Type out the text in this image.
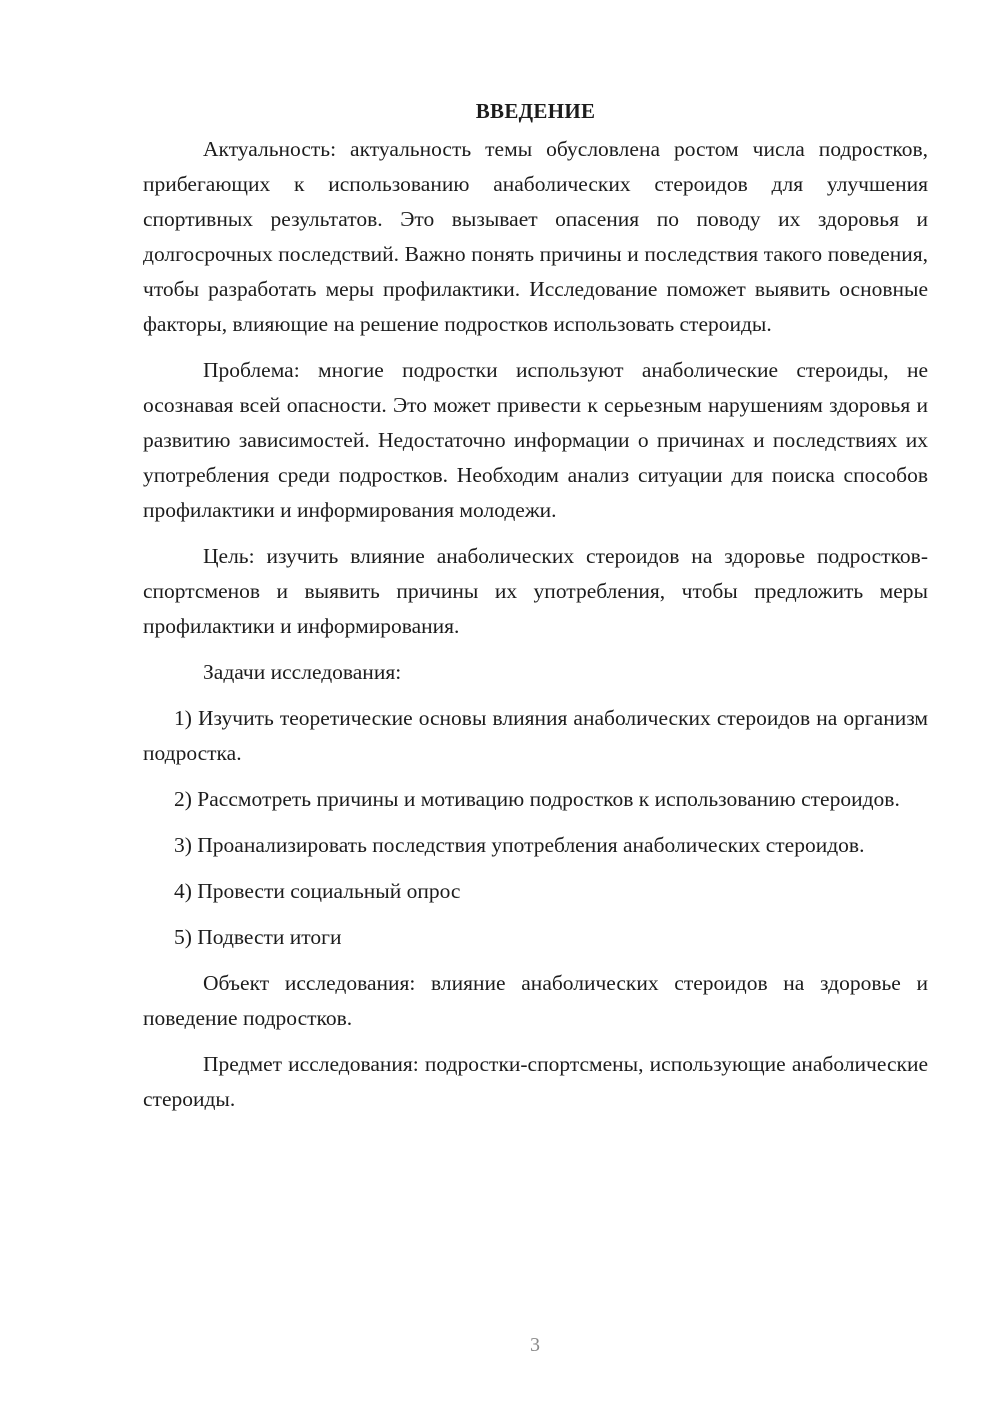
ВВЕДЕНИЕ

Актуальность: актуальность темы обусловлена ростом числа подростков, прибегающих к использованию анаболических стероидов для улучшения спортивных результатов. Это вызывает опасения по поводу их здоровья и долгосрочных последствий. Важно понять причины и последствия такого поведения, чтобы разработать меры профилактики. Исследование поможет выявить основные факторы, влияющие на решение подростков использовать стероиды.

Проблема: многие подростки используют анаболические стероиды, не осознавая всей опасности. Это может привести к серьезным нарушениям здоровья и развитию зависимостей. Недостаточно информации о причинах и последствиях их употребления среди подростков. Необходим анализ ситуации для поиска способов профилактики и информирования молодежи.

Цель: изучить влияние анаболических стероидов на здоровье подростков-спортсменов и выявить причины их употребления, чтобы предложить меры профилактики и информирования.

Задачи исследования:

1) Изучить теоретические основы влияния анаболических стероидов на организм подростка.

2) Рассмотреть причины и мотивацию подростков к использованию стероидов.

3) Проанализировать последствия употребления анаболических стероидов.

4) Провести социальный опрос

5) Подвести итоги

Объект исследования: влияние анаболических стероидов на здоровье и поведение подростков.

Предмет исследования: подростки-спортсмены, использующие анаболические стероиды.

3
